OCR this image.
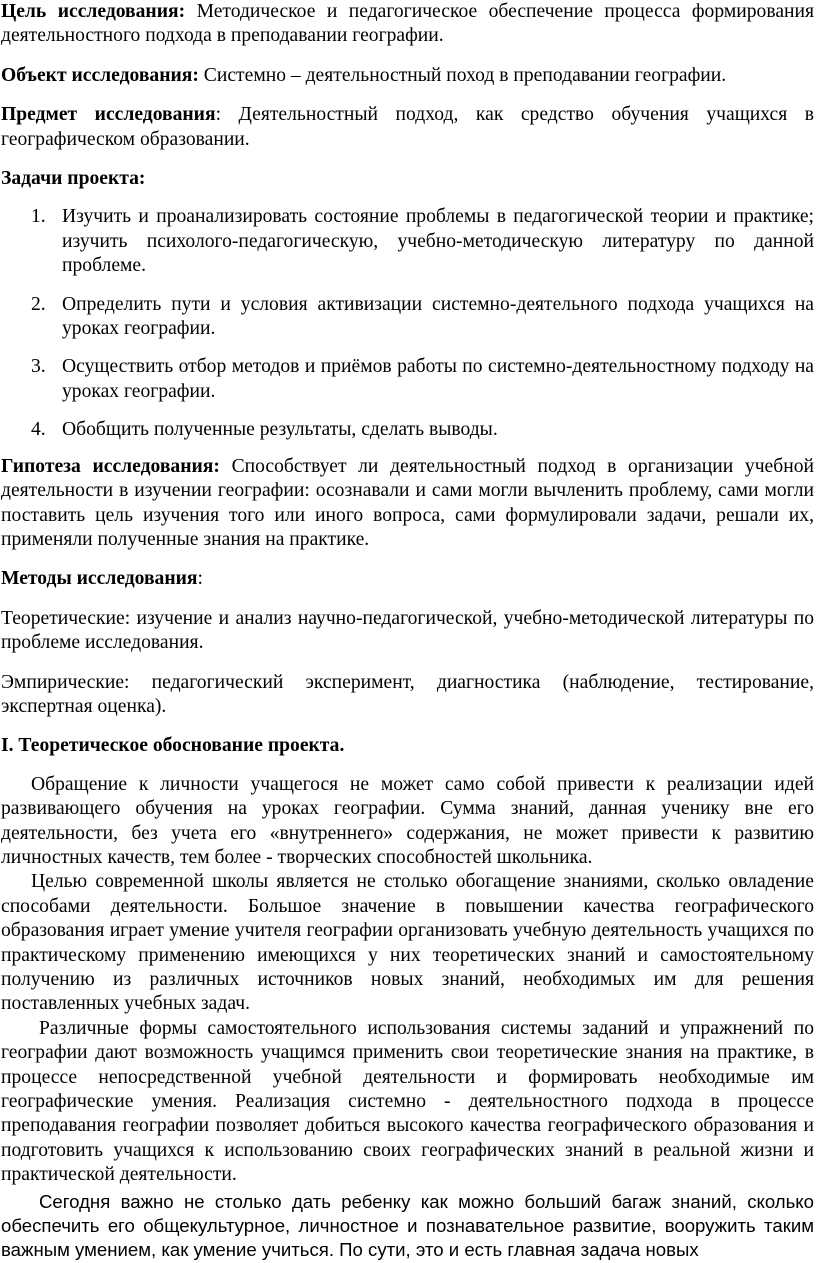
Цель исследования: Методическое и педагогическое обеспечение процесса формирования деятельностного подхода в преподавании географии.

Объект исследования: Системно – деятельностный поход в преподавании географии.

Предмет исследования: Деятельностный подход, как средство обучения учащихся в географическом образовании.

Задачи проекта:

1. Изучить и проанализировать состояние проблемы в педагогической теории и практике; изучить психолого-педагогическую, учебно-методическую литературу по данной проблеме.
2. Определить пути и условия активизации системно-деятельного подхода учащихся на уроках географии.
3. Осуществить отбор методов и приёмов работы по системно-деятельностному подходу на уроках географии.
4. Обобщить полученные результаты, сделать выводы.

Гипотеза исследования: Способствует ли деятельностный подход в организации учебной деятельности в изучении географии: осознавали и сами могли вычленить проблему, сами могли поставить цель изучения того или иного вопроса, сами формулировали задачи, решали их, применяли полученные знания на практике.

Методы исследования:

Теоретические: изучение и анализ научно-педагогической, учебно-методической литературы по проблеме исследования.

Эмпирические: педагогический эксперимент, диагностика (наблюдение, тестирование, экспертная оценка).

I. Теоретическое обоснование проекта.

Обращение к личности учащегося не может само собой привести к реализации идей развивающего обучения на уроках географии. Сумма знаний, данная ученику вне его деятельности, без учета его «внутреннего» содержания, не может привести к развитию личностных качеств, тем более - творческих способностей школьника.

Целью современной школы является не столько обогащение знаниями, сколько овладение способами деятельности. Большое значение в повышении качества географического образования играет умение учителя географии организовать учебную деятельность учащихся по практическому применению имеющихся у них теоретических знаний и самостоятельному получению из различных источников новых знаний, необходимых им для решения поставленных учебных задач.

Различные формы самостоятельного использования системы заданий и упражнений по географии дают возможность учащимся применить свои теоретические знания на практике, в процессе непосредственной учебной деятельности и формировать необходимые им географические умения. Реализация системно - деятельностного подхода в процессе преподавания географии позволяет добиться высокого качества географического образования и подготовить учащихся к использованию своих географических знаний в реальной жизни и практической деятельности.

Сегодня важно не столько дать ребенку как можно больший багаж знаний, сколько обеспечить его общекультурное, личностное и познавательное развитие, вооружить таким важным умением, как умение учиться. По сути, это и есть главная задача новых
